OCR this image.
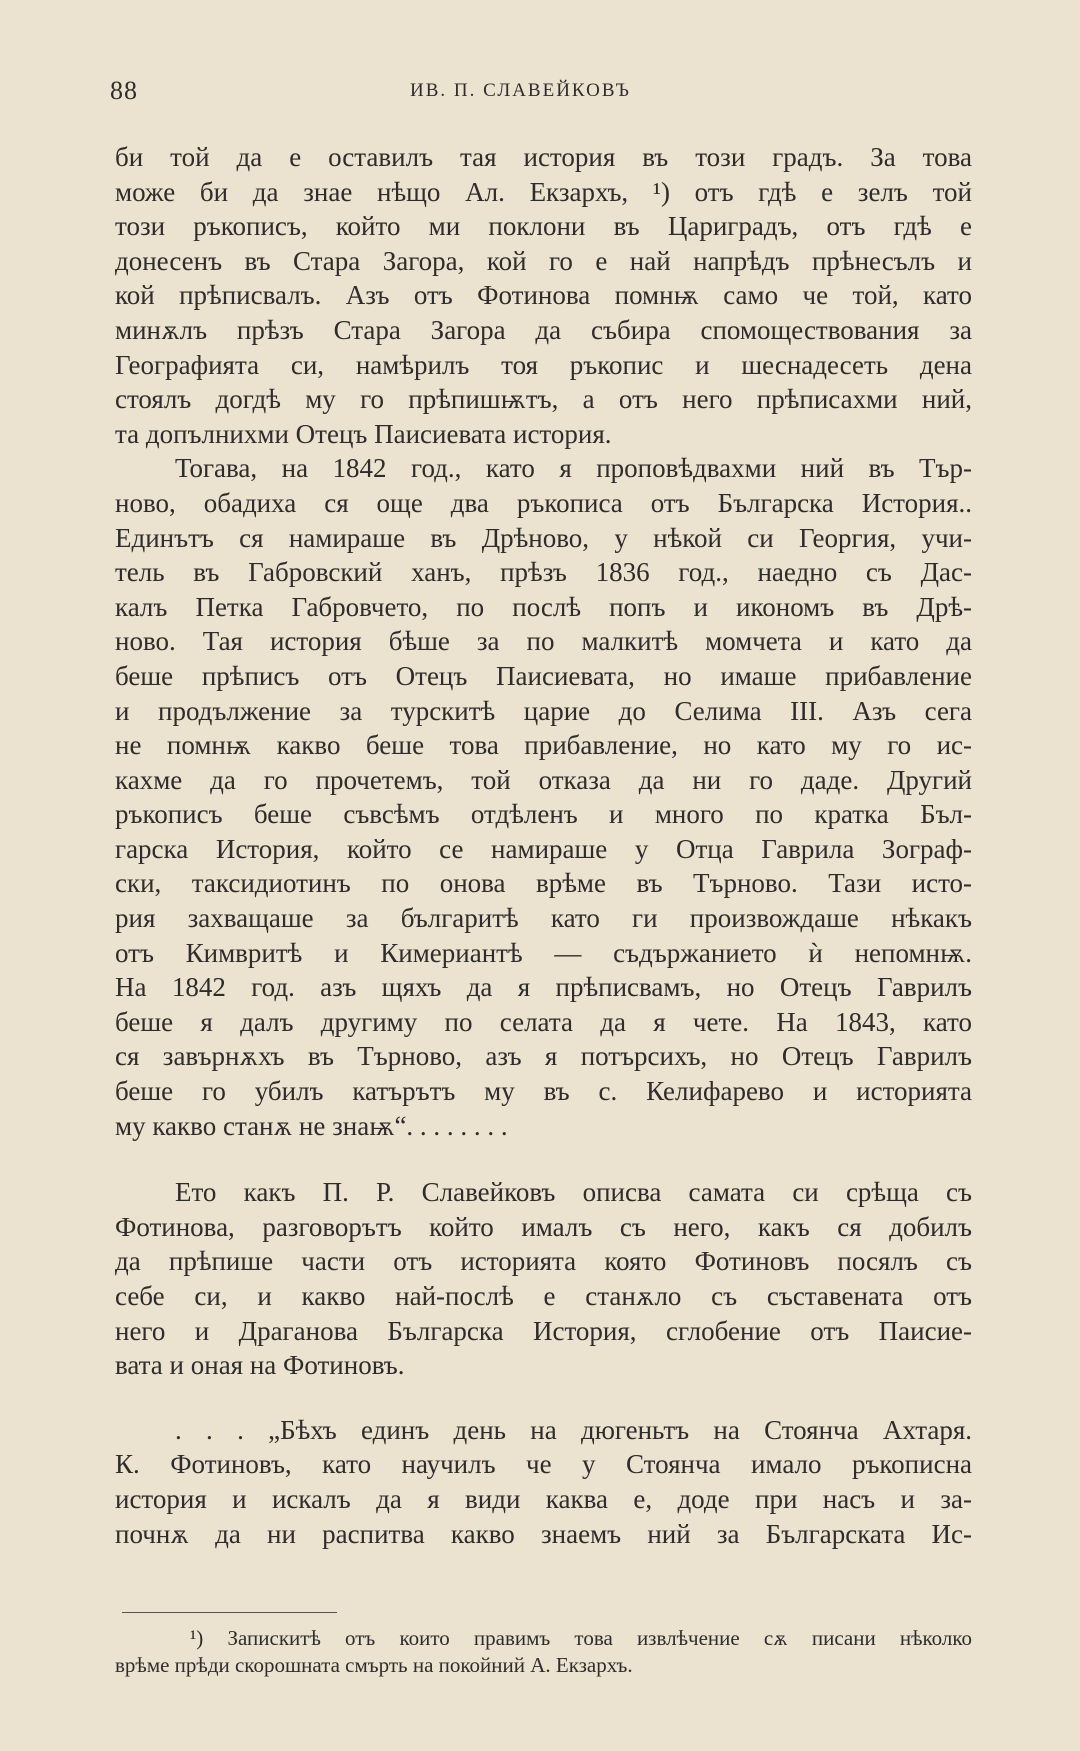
88	ИВ. П. СЛАВЕЙКОВЪ
би той да е оставилъ тая история въ този градъ. За това
може би да знае нѣщо Ал. Екзархъ, ¹) отъ гдѣ е зелъ той
този ръкописъ, който ми поклони въ Цариградъ, отъ гдѣ е
донесенъ въ Стара Загора, кой го е най напрѣдъ прѣнесълъ и
кой прѣписвалъ. Азъ отъ Фотинова помнѭ само че той, като
минѫлъ прѣзъ Стара Загора да събира спомоществования за
Географията си, намѣрилъ тоя ръкопис и шеснадесеть дена
стоялъ догдѣ му го прѣпишѭтъ, а отъ него прѣписахми ний,
та допълнихми Отецъ Паисиевата история.
Тогава, на 1842 год., като я проповѣдвахми ний въ Тър-
ново, обадиха ся още два ръкописа отъ Българска История..
Единътъ ся намираше въ Дрѣново, у нѣкой си Георгия, учи-
тель въ Габровский ханъ, прѣзъ 1836 год., наедно съ Дас-
калъ Петка Габровчето, по послѣ попъ и икономъ въ Дрѣ-
ново. Тая история бѣше за по малкитѣ момчета и като да
беше прѣписъ отъ Отецъ Паисиевата, но имаше прибавление
и продължение за турскитѣ царие до Селима III. Азъ сега
не помнѭ какво беше това прибавление, но като му го ис-
кахме да го прочетемъ, той отказа да ни го даде. Другий
ръкописъ беше съвсѣмъ отдѣленъ и много по кратка Бъл-
гарска История, който се намираше у Отца Гаврила Зограф-
ски, таксидиотинъ по онова врѣме въ Търново. Тази исто-
рия захващаше за българитѣ като ги произвождаше нѣкакъ
отъ Кимвритѣ и Кимериантѣ — съдържанието ѝ непомнѭ.
На 1842 год. азъ щяхъ да я прѣписвамъ, но Отецъ Гаврилъ
беше я далъ другиму по селата да я чете. На 1843, като
ся завърнѫхъ въ Търново, азъ я потърсихъ, но Отецъ Гаврилъ
беше го убилъ катърътъ му въ с. Келифарево и историята
му какво станѫ не знаѭ“. . . . . . . .
Ето какъ П. Р. Славейковъ описва самата си срѣща съ
Фотинова, разговорътъ който ималъ съ него, какъ ся добилъ
да прѣпише части отъ историята която Фотиновъ посялъ съ
себе си, и какво най-послѣ е станѫло съ съставената отъ
него и Драганова Българска История, сглобение отъ Паисие-
вата и оная на Фотиновъ.
. . . „Бѣхъ единъ день на дюгеньтъ на Стоянча Ахтаря.
К. Фотиновъ, като научилъ че у Стоянча имало ръкописна
история и искалъ да я види каква е, доде при насъ и за-
почнѫ да ни распитва какво знаемъ ний за Българската Ис-
¹) Запискитѣ отъ които правимъ това извлѣчение сѫ писани нѣколко
врѣме прѣди скорошната смърть на покойний А. Екзархъ.
